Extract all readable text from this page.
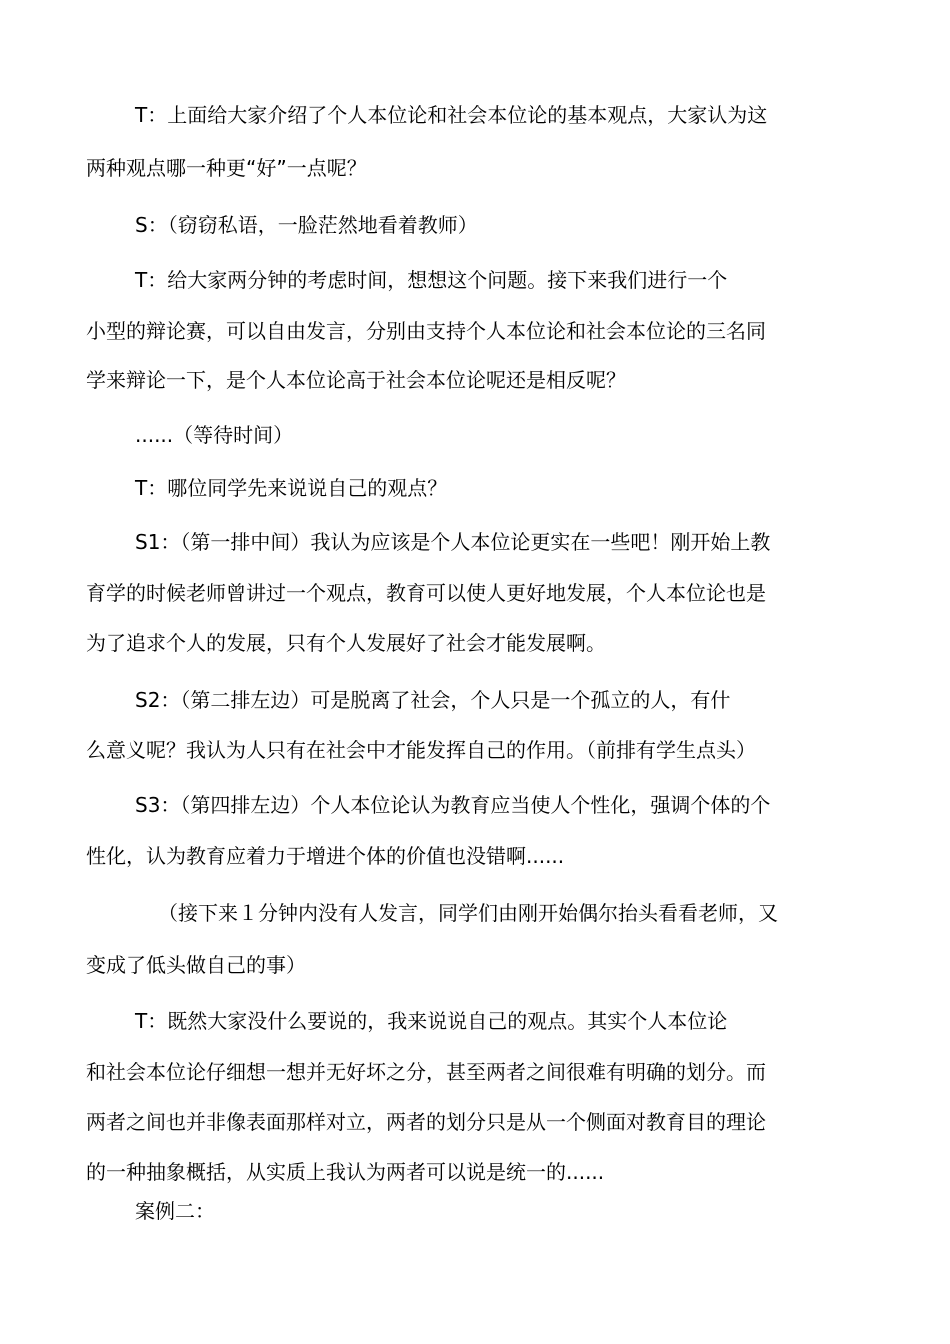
T：上面给大家介绍了个人本位论和社会本位论的基本观点，大家认为这
两种观点哪一种更“好”一点呢？
S：（窃窃私语，一脸茫然地看着教师）
T：给大家两分钟的考虑时间，想想这个问题。接下来我们进行一个
小型的辩论赛，可以自由发言，分别由支持个人本位论和社会本位论的三名同
学来辩论一下，是个人本位论高于社会本位论呢还是相反呢？
......（等待时间）
T：哪位同学先来说说自己的观点？
S1：（第一排中间）我认为应该是个人本位论更实在一些吧！刚开始上教
育学的时候老师曾讲过一个观点，教育可以使人更好地发展，个人本位论也是
为了追求个人的发展，只有个人发展好了社会才能发展啊。
S2：（第二排左边）可是脱离了社会，个人只是一个孤立的人，有什
么意义呢？我认为人只有在社会中才能发挥自己的作用。（前排有学生点头）
S3：（第四排左边）个人本位论认为教育应当使人个性化，强调个体的个
性化，认为教育应着力于增进个体的价值也没错啊......
（接下来１分钟内没有人发言，同学们由刚开始偶尔抬头看看老师，又
变成了低头做自己的事）
T：既然大家没什么要说的，我来说说自己的观点。其实个人本位论
和社会本位论仔细想一想并无好坏之分，甚至两者之间很难有明确的划分。而
两者之间也并非像表面那样对立，两者的划分只是从一个侧面对教育目的理论
的一种抽象概括，从实质上我认为两者可以说是统一的......
案例二：
